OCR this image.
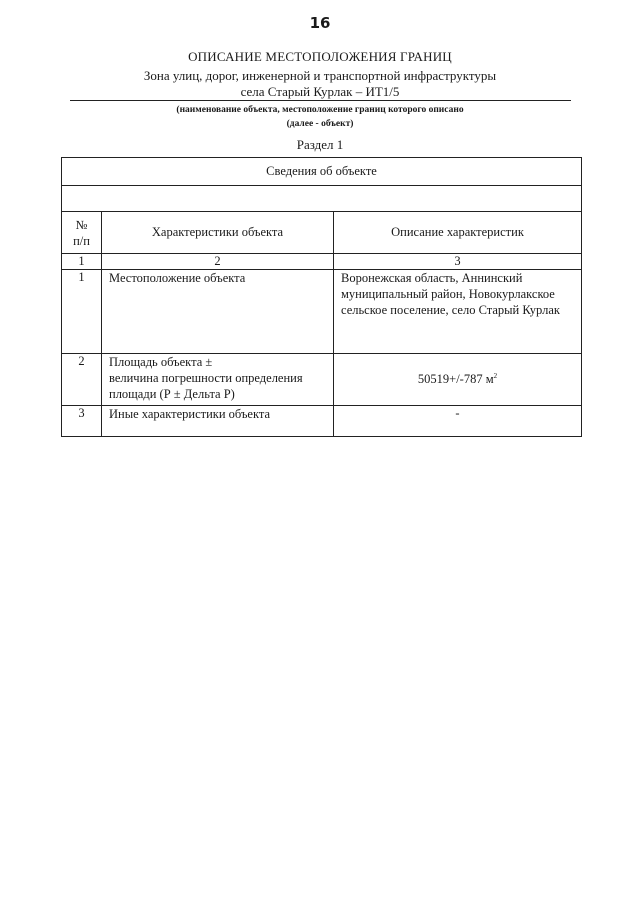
16
ОПИСАНИЕ МЕСТОПОЛОЖЕНИЯ ГРАНИЦ
Зона улиц, дорог, инженерной и транспортной инфраструктуры
села Старый Курлак – ИТ1/5
(наименование объекта, местоположение границ которого описано
(далее - объект)
Раздел 1
Сведения об объекте		

№
п/п	Характеристики объекта	Описание характеристик
1	2	3
1	Местоположение объекта	Воронежская область, Аннинский
муниципальный район, Новокурлакское
сельское поселение, село Старый Курлак

2	Площадь объекта ±
величина погрешности определения
площади (Р ± Дельта Р)	50519+/-787 $м^2$
3	Иные характеристики объекта	-
